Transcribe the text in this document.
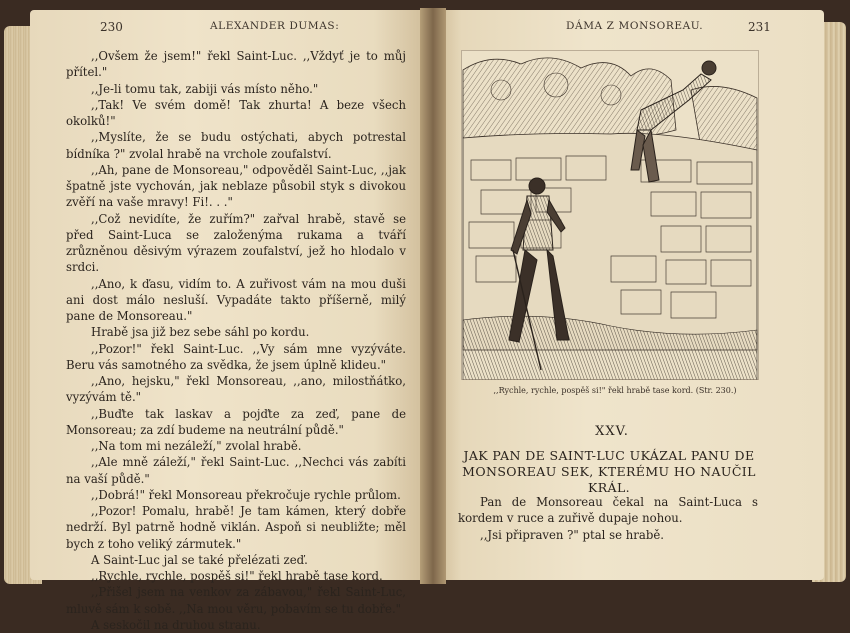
230	ALEXANDER DUMAS:

,,Ovšem že jsem!" řekl Saint-Luc. ,,Vždyť je to můj přítel."

,,Je-li tomu tak, zabiji vás místo něho."

,,Tak! Ve svém domě! Tak zhurta! A beze všech okolků!"

,,Myslíte, že se budu ostýchati, abych potrestal bídníka ?" zvolal hrabě na vrchole zoufalství.

,,Ah, pane de Monsoreau," odpověděl Saint-Luc, ,,jak špatně jste vychován, jak neblaze působil styk s divokou zvěří na vaše mravy! Fi!. . ."

,,Což nevidíte, že zuřím?" zařval hrabě, stavě se před Saint-Luca se založenýma rukama a tváří zrůzněnou děsivým výrazem zoufalství, jež ho hlodalo v srdci.

,,Ano, k ďasu, vidím to. A zuřivost vám na mou duši ani dost málo nesluší. Vypadáte takto příšerně, milý pane de Monsoreau."

Hrabě jsa již bez sebe sáhl po kordu.

,,Pozor!" řekl Saint-Luc. ,,Vy sám mne vyzýváte. Beru vás samotného za svědka, že jsem úplně klideu."

,,Ano, hejsku," řekl Monsoreau, ,,ano, milostňátko, vyzývám tě."

,,Buďte tak laskav a pojďte za zeď, pane de Monsoreau; za zdí budeme na neutrální půdě."

,,Na tom mi nezáleží," zvolal hrabě.

,,Ale mně záleží," řekl Saint-Luc. ,,Nechci vás zabíti na vaší půdě."

,,Dobrá!" řekl Monsoreau překročuje rychle průlom.

,,Pozor! Pomalu, hrabě! Je tam kámen, který dobře nedrží. Byl patrně hodně viklán. Aspoň si neubližte; měl bych z toho veliký zármutek."

A Saint-Luc jal se také přelézati zeď.

,,Rychle, rychle, pospěš si!" řekl hrabě tase kord.

,,Přišel jsem na venkov za zábavou," řekl Saint-Luc, mluvě sám k sobě. ,,Na mou věru, pobavím se tu dobře."

A seskočil na druhou stranu.

DÁMA Z MONSOREAU.	231
,,Rychle, rychle, pospěš si!" řekl hrabě tase kord. (Str. 230.)
XXV.
JAK PAN DE SAINT-LUC UKÁZAL PANU DE MONSOREAU SEK, KTERÉMU HO NAUČIL KRÁL.

Pan de Monsoreau čekal na Saint-Luca s kordem v ruce a zuřivě dupaje nohou.

,,Jsi připraven ?" ptal se hrabě.
